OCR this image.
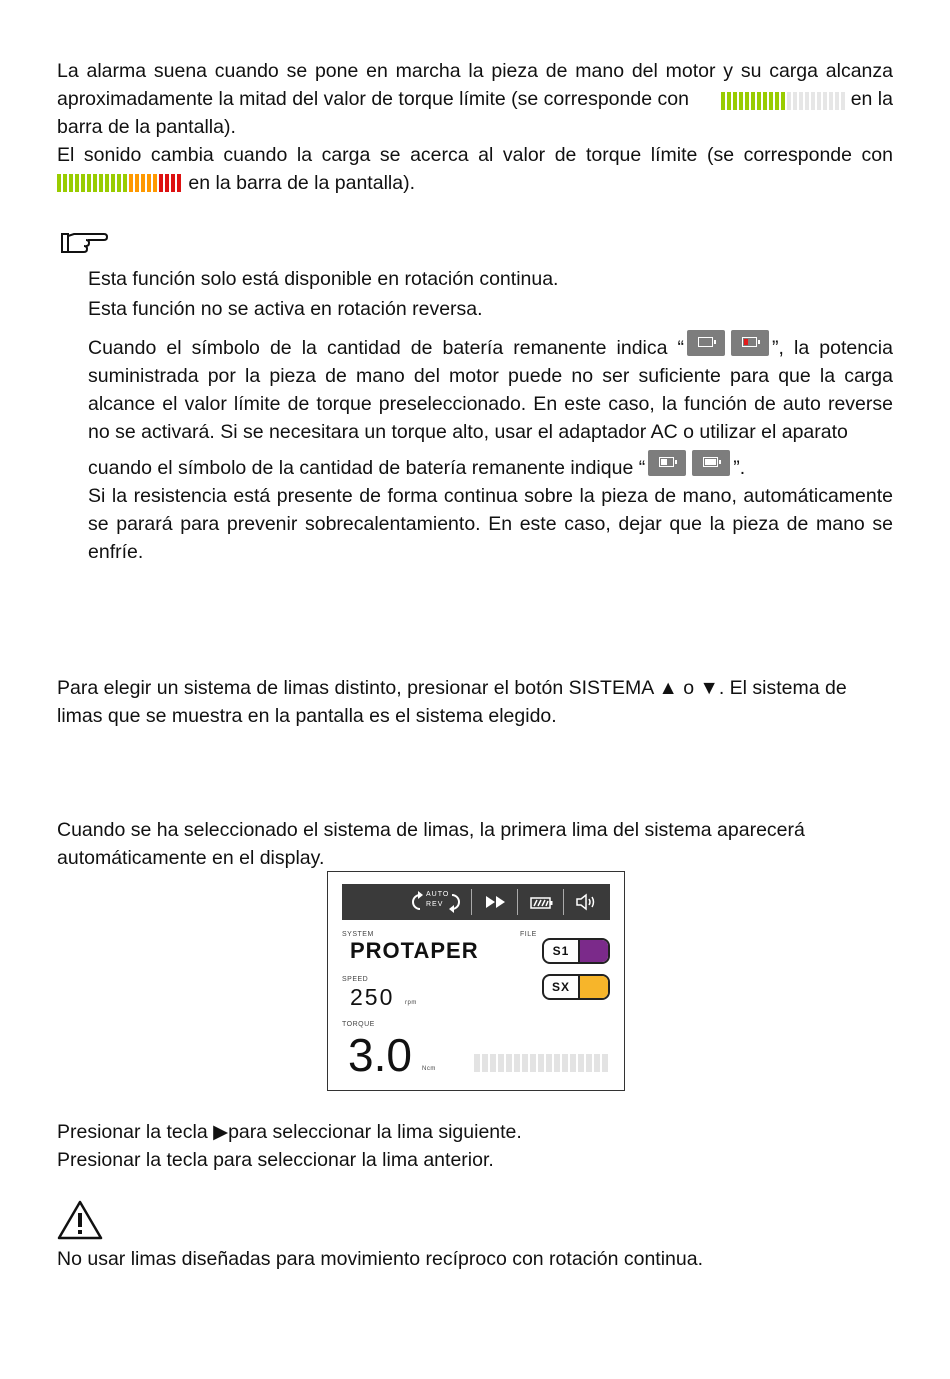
La alarma suena cuando se pone en marcha la pieza de mano del motor y su carga alcanza
aproximadamente la mitad del valor de torque límite (se corresponde con	en la
barra de la pantalla).
El sonido cambia cuando la carga se acerca al valor de torque límite (se corresponde con
en la barra de la pantalla).
Esta función solo está disponible en rotación continua.
Esta función no se activa en rotación reversa.
Cuando el símbolo de la cantidad de batería remanente indica “	”, la potencia suministrada por la pieza de mano del motor puede no ser suficiente para que la carga alcance el valor límite de torque preseleccionado. En este caso, la función de auto reverse no se activará. Si se necesitara un torque alto, usar el adaptador AC o utilizar el aparato
cuando el símbolo de la cantidad de batería remanente indique “	”.
Si la resistencia está presente de forma continua sobre la pieza de mano, automáticamente se parará para prevenir sobrecalentamiento. En este caso, dejar que la pieza de mano se enfríe.
Para elegir un sistema de limas distinto, presionar el botón SISTEMA ▲ o ▼. El sistema de
limas que se muestra en la pantalla es el sistema elegido.
Cuando se ha seleccionado el sistema de limas, la primera lima del sistema aparecerá
automáticamente en el display.
AUTO
REV
SYSTEM
PROTAPER
FILE
S1
SX
SPEED
250 rpm
TORQUE
3.0 Ncm
Presionar la tecla ▶para seleccionar la lima siguiente.
Presionar la tecla para seleccionar la lima anterior.
No usar limas diseñadas para movimiento recíproco con rotación continua.
